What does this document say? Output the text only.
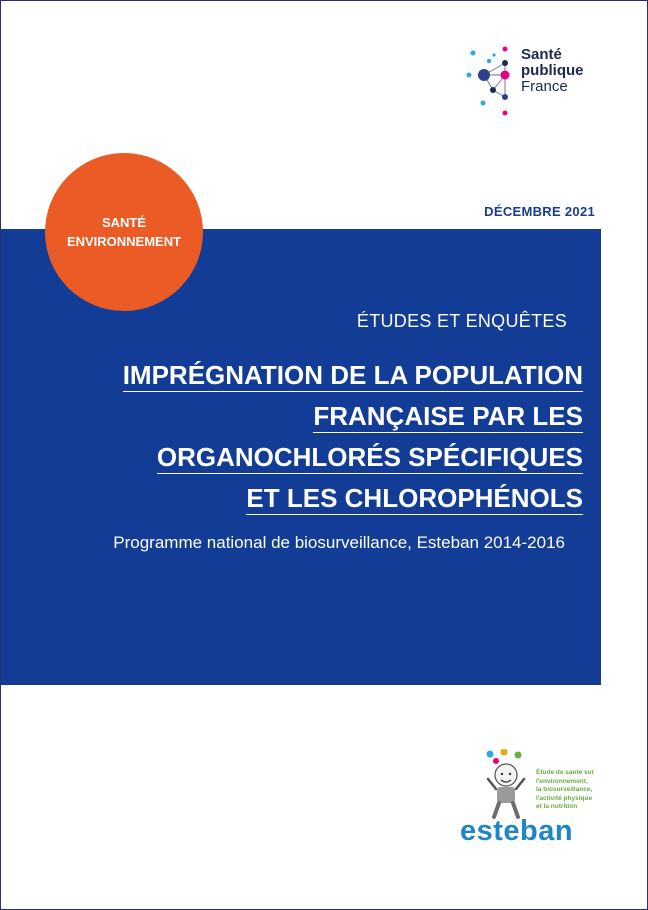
Santé
publique
France
DÉCEMBRE 2021
SANTÉ
ENVIRONNEMENT
ÉTUDES ET ENQUÊTES
IMPRÉGNATION DE LA POPULATION
FRANÇAISE PAR LES
ORGANOCHLORÉS SPÉCIFIQUES
ET LES CHLOROPHÉNOLS
Programme national de biosurveillance, Esteban 2014-2016
Étude de santé sur
l'environnement,
la biosurveillance,
l'activité physique
et la nutrition
esteban
